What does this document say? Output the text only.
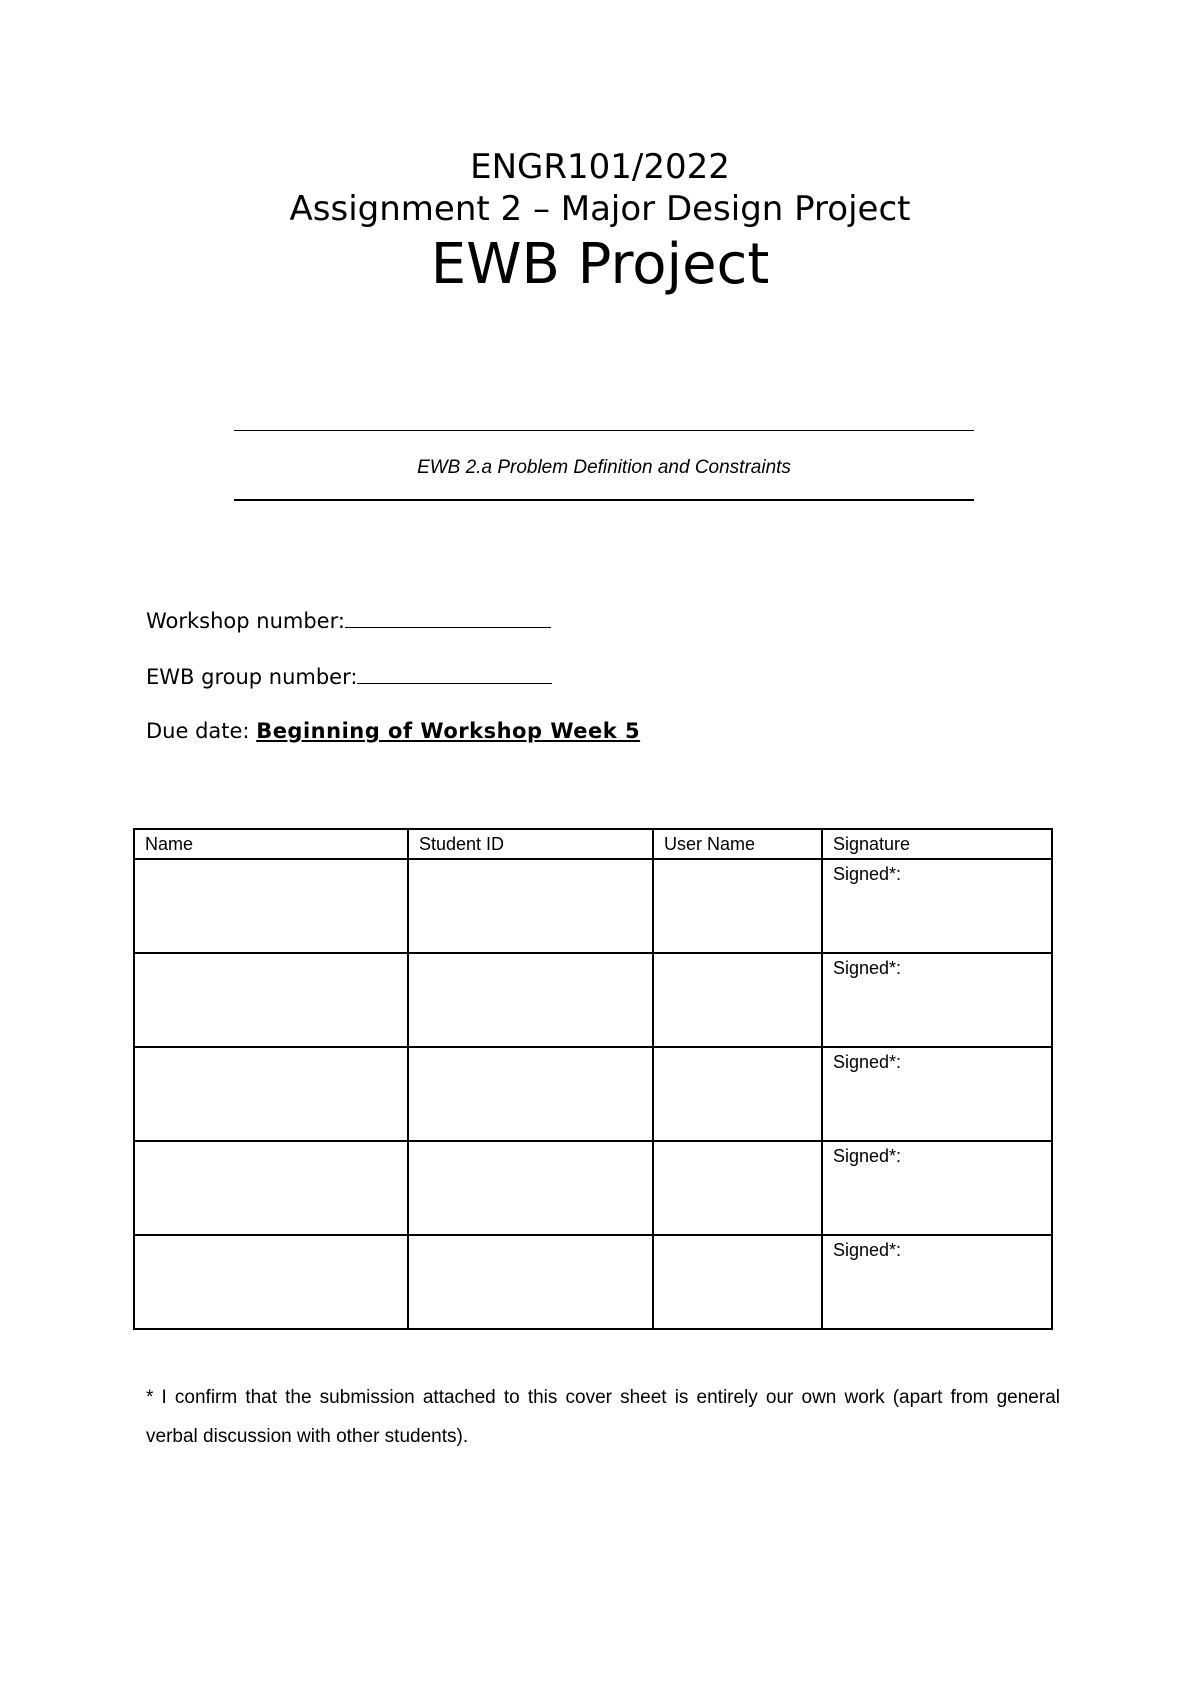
ENGR101/2022
Assignment 2 – Major Design Project
EWB Project
EWB 2.a Problem Definition and Constraints
Workshop number:
EWB group number:
Due date: Beginning of Workshop Week 5
Name	Student ID	User Name	Signature
			Signed*:
			Signed*:
			Signed*:
			Signed*:
			Signed*:
* I confirm that the submission attached to this cover sheet is entirely our own work (apart from general verbal discussion with other students).
